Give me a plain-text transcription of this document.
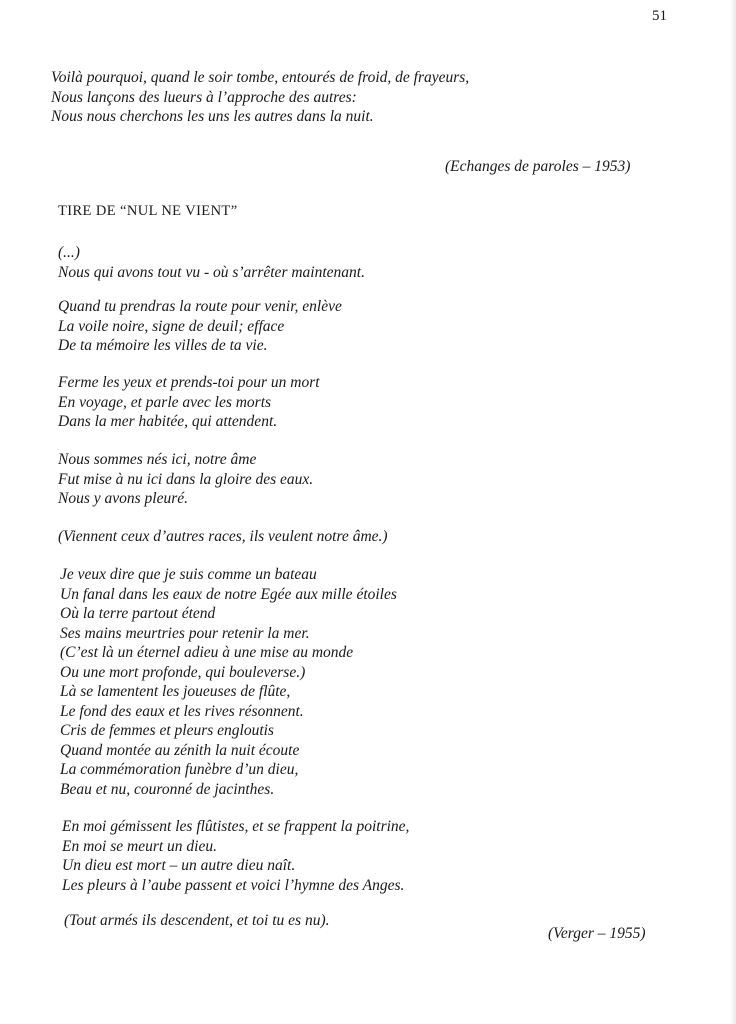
51
Voilà pourquoi, quand le soir tombe, entourés de froid, de frayeurs,
Nous lançons des lueurs à l’approche des autres:
Nous nous cherchons les uns les autres dans la nuit.
(Echanges de paroles – 1953)
TIRE DE “NUL NE VIENT”
(...)
Nous qui avons tout vu - où s’arrêter maintenant.
Quand tu prendras la route pour venir, enlève
La voile noire, signe de deuil; efface
De ta mémoire les villes de ta vie.
Ferme les yeux et prends-toi pour un mort
En voyage, et parle avec les morts
Dans la mer habitée, qui attendent.
Nous sommes nés ici, notre âme
Fut mise à nu ici dans la gloire des eaux.
Nous y avons pleuré.
(Viennent ceux d’autres races, ils veulent notre âme.)
Je veux dire que je suis comme un bateau
Un fanal dans les eaux de notre Egée aux mille étoiles
Où la terre partout étend
Ses mains meurtries pour retenir la mer.
(C’est là un éternel adieu à une mise au monde
Ou une mort profonde, qui bouleverse.)
Là se lamentent les joueuses de flûte,
Le fond des eaux et les rives résonnent.
Cris de femmes et pleurs engloutis
Quand montée au zénith la nuit écoute
La commémoration funèbre d’un dieu,
Beau et nu, couronné de jacinthes.
En moi gémissent les flûtistes, et se frappent la poitrine,
En moi se meurt un dieu.
Un dieu est mort – un autre dieu naît.
Les pleurs à l’aube passent et voici l’hymne des Anges.
(Tout armés ils descendent, et toi tu es nu).
(Verger – 1955)
